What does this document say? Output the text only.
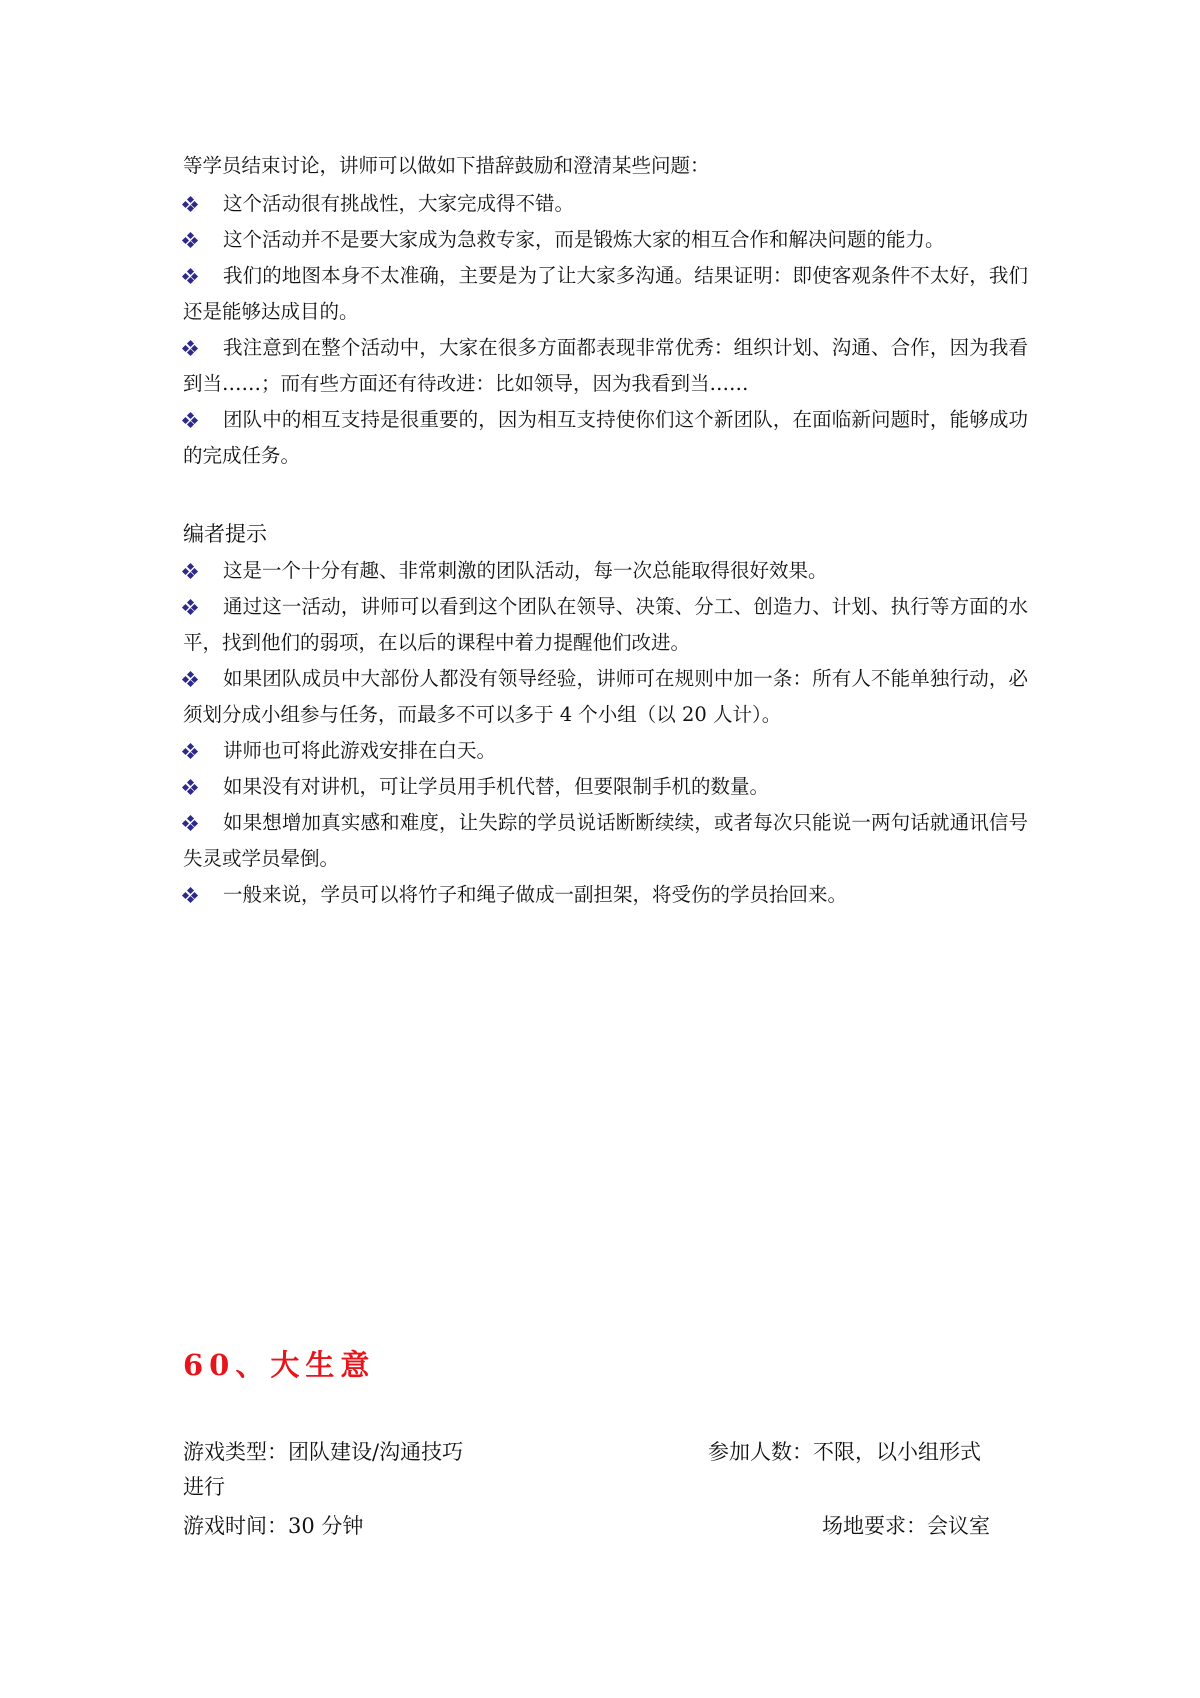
等学员结束讨论，讲师可以做如下措辞鼓励和澄清某些问题：
这个活动很有挑战性，大家完成得不错。
这个活动并不是要大家成为急救专家，而是锻炼大家的相互合作和解决问题的能力。
我们的地图本身不太准确，主要是为了让大家多沟通。结果证明：即使客观条件不太好，我们还是能够达成目的。
我注意到在整个活动中，大家在很多方面都表现非常优秀：组织计划、沟通、合作，因为我看到当……；而有些方面还有待改进：比如领导，因为我看到当……
团队中的相互支持是很重要的，因为相互支持使你们这个新团队，在面临新问题时，能够成功的完成任务。
编者提示
这是一个十分有趣、非常刺激的团队活动，每一次总能取得很好效果。
通过这一活动，讲师可以看到这个团队在领导、决策、分工、创造力、计划、执行等方面的水平，找到他们的弱项，在以后的课程中着力提醒他们改进。
如果团队成员中大部份人都没有领导经验，讲师可在规则中加一条：所有人不能单独行动，必须划分成小组参与任务，而最多不可以多于 4 个小组（以 20 人计）。
讲师也可将此游戏安排在白天。
如果没有对讲机，可让学员用手机代替，但要限制手机的数量。
如果想增加真实感和难度，让失踪的学员说话断断续续，或者每次只能说一两句话就通讯信号失灵或学员晕倒。
一般来说，学员可以将竹子和绳子做成一副担架，将受伤的学员抬回来。
60、大生意
游戏类型：团队建设/沟通技巧	参加人数：不限，以小组形式
进行
游戏时间：30 分钟	场地要求：会议室
